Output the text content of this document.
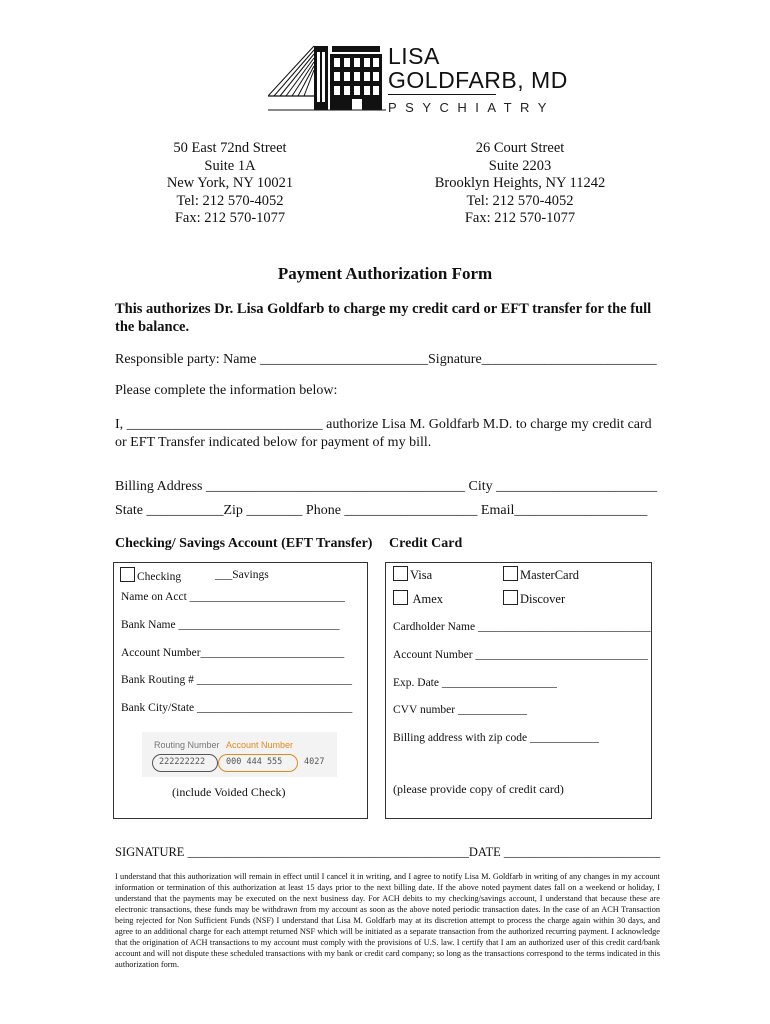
LISA
GOLDFARB, MD
PSYCHIATRY
50 East 72nd Street
Suite 1A
New York, NY 10021
Tel: 212 570-4052
Fax: 212 570-1077
26 Court Street
Suite 2203
Brooklyn Heights, NY 11242
Tel: 212 570-4052
Fax: 212 570-1077
Payment Authorization Form
This authorizes Dr. Lisa Goldfarb to charge my credit card or EFT transfer for the full the balance.
Responsible party: Name ________________________Signature_________________________
Please complete the information below:
I, ____________________________ authorize Lisa M. Goldfarb M.D. to charge my credit card
or EFT Transfer indicated below for payment of my bill.
Billing Address _____________________________________ City _______________________
State ___________Zip ________ Phone ___________________ Email___________________
Checking/ Savings Account (EFT Transfer) Credit Card
Checking	___Savings
Name on Acct ___________________________
Bank Name ____________________________
Account Number_________________________
Bank Routing # ___________________________
Bank City/State ___________________________
Routing Number Account Number
222222222 000 444 555	4027
(include Voided Check)
Visa	MasterCard
Amex	Discover
Cardholder Name ______________________________
Account Number ______________________________
Exp. Date ____________________
CVV number ____________
Billing address with zip code ____________
(please provide copy of credit card)
SIGNATURE _____________________________________________DATE _________________________
I understand that this authorization will remain in effect until I cancel it in writing, and I agree to notify Lisa M. Goldfarb in writing of any changes in my account information or termination of this authorization at least 15 days prior to the next billing date. If the above noted payment dates fall on a weekend or holiday, I understand that the payments may be executed on the next business day. For ACH debits to my checking/savings account, I understand that because these are electronic transactions, these funds may be withdrawn from my account as soon as the above noted periodic transaction dates. In the case of an ACH Transaction being rejected for Non Sufficient Funds (NSF) I understand that Lisa M. Goldfarb may at its discretion attempt to process the charge again within 30 days, and agree to an additional charge for each attempt returned NSF which will be initiated as a separate transaction from the authorized recurring payment. I acknowledge that the origination of ACH transactions to my account must comply with the provisions of U.S. law. I certify that I am an authorized user of this credit card/bank account and will not dispute these scheduled transactions with my bank or credit card company; so long as the transactions correspond to the terms indicated in this authorization form.
